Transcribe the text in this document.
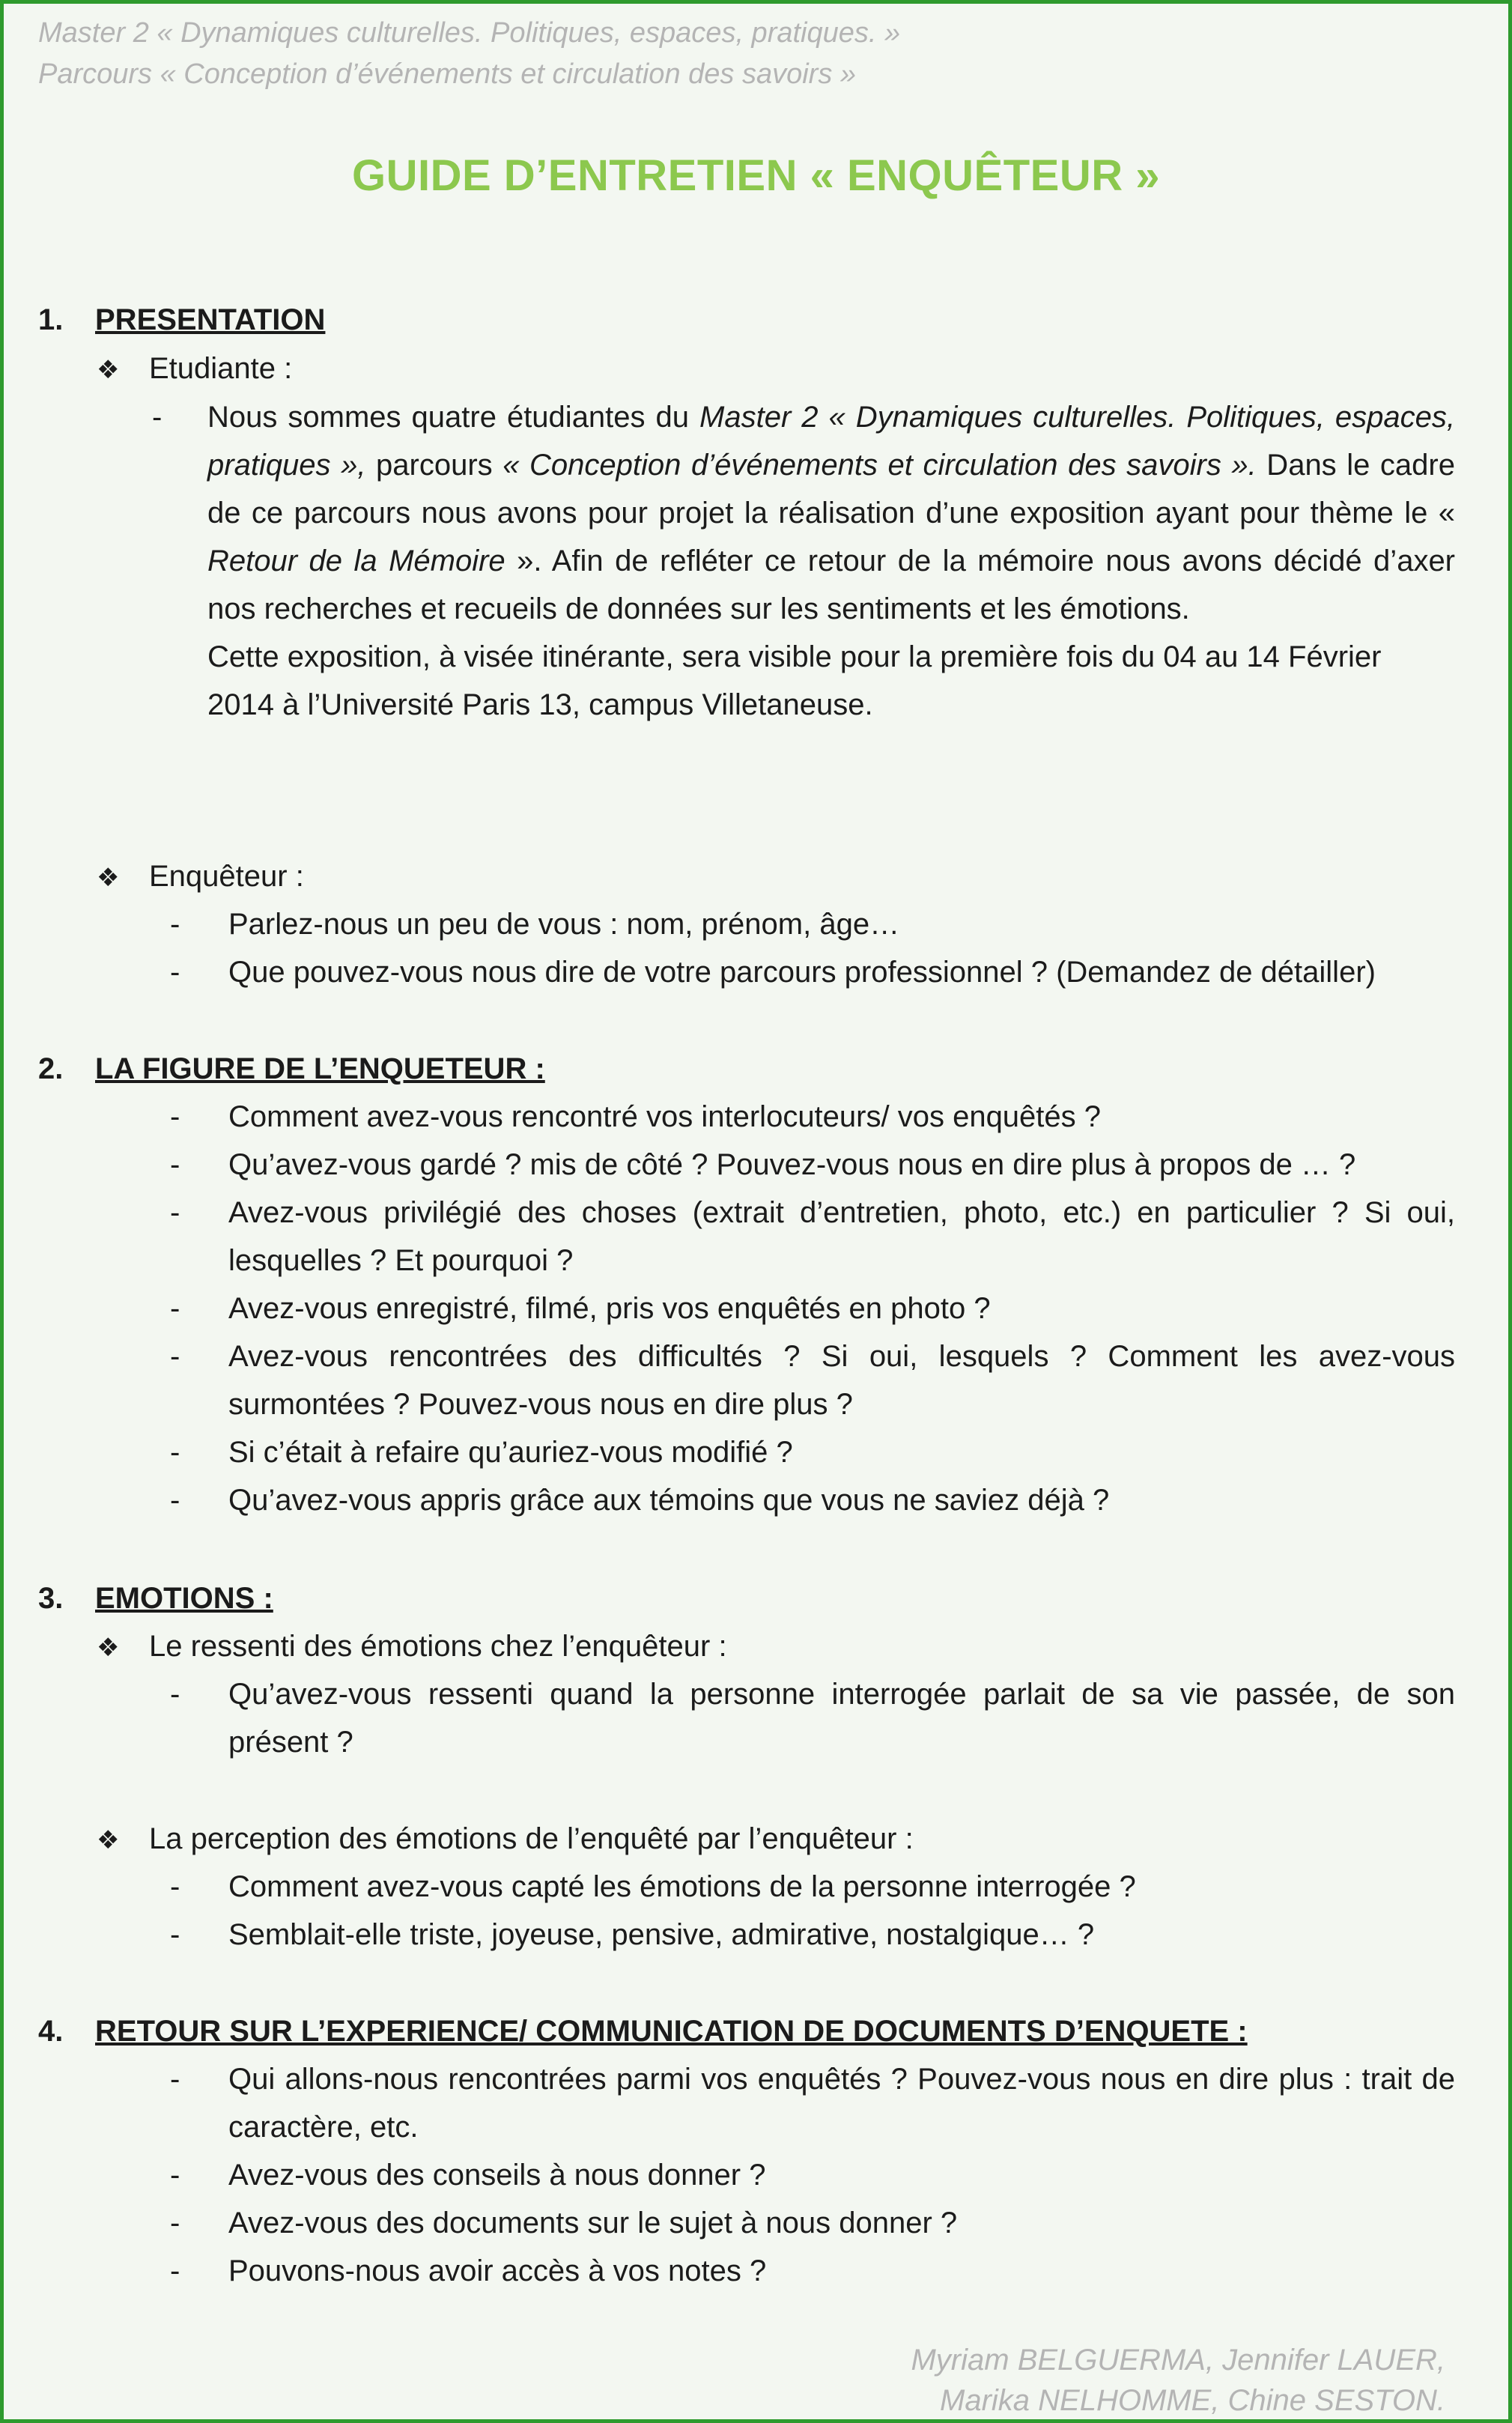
Master 2 « Dynamiques culturelles. Politiques, espaces, pratiques. »
Parcours « Conception d’événements et circulation des savoirs »
GUIDE D’ENTRETIEN « ENQUÊTEUR »
1. PRESENTATION
❖ Etudiante :
- Nous sommes quatre étudiantes du Master 2 « Dynamiques culturelles. Politiques, espaces, pratiques », parcours « Conception d’événements et circulation des savoirs ». Dans le cadre de ce parcours nous avons pour projet la réalisation d’une exposition ayant pour thème le « Retour de la Mémoire ». Afin de refléter ce retour de la mémoire nous avons décidé d’axer nos recherches et recueils de données sur les sentiments et les émotions.

Cette exposition, à visée itinérante, sera visible pour la première fois du 04 au 14 Février 2014 à l’Université Paris 13, campus Villetaneuse.

❖ Enquêteur :
- Parlez-nous un peu de vous : nom, prénom, âge…
- Que pouvez-vous nous dire de votre parcours professionnel ? (Demandez de détailler)
2. LA FIGURE DE L’ENQUETEUR :
- Comment avez-vous rencontré vos interlocuteurs/ vos enquêtés ?
- Qu’avez-vous gardé ? mis de côté ? Pouvez-vous nous en dire plus à propos de … ?
- Avez-vous privilégié des choses (extrait d’entretien, photo, etc.) en particulier ? Si oui, lesquelles ? Et pourquoi ?
- Avez-vous enregistré, filmé, pris vos enquêtés en photo ?
- Avez-vous rencontrées des difficultés ? Si oui, lesquels ? Comment les avez-vous surmontées ? Pouvez-vous nous en dire plus ?
- Si c’était à refaire qu’auriez-vous modifié ?
- Qu’avez-vous appris grâce aux témoins que vous ne saviez déjà ?
3. EMOTIONS :
❖ Le ressenti des émotions chez l’enquêteur :
- Qu’avez-vous ressenti quand la personne interrogée parlait de sa vie passée, de son présent ?
❖ La perception des émotions de l’enquêté par l’enquêteur :
- Comment avez-vous capté les émotions de la personne interrogée ?
- Semblait-elle triste, joyeuse, pensive, admirative, nostalgique… ?
4. RETOUR SUR L’EXPERIENCE/ COMMUNICATION DE DOCUMENTS D’ENQUETE :
- Qui allons-nous rencontrées parmi vos enquêtés ? Pouvez-vous nous en dire plus : trait de caractère, etc.
- Avez-vous des conseils à nous donner ?
- Avez-vous des documents sur le sujet à nous donner ?
- Pouvons-nous avoir accès à vos notes ?
Myriam BELGUERMA, Jennifer LAUER,
Marika NELHOMME, Chine SESTON.
